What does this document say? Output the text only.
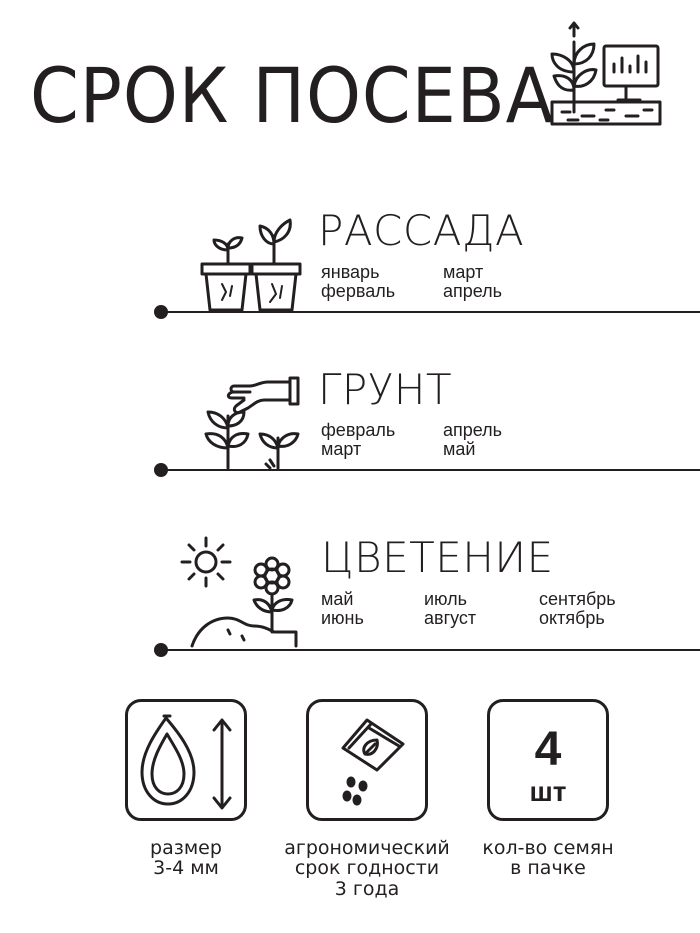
СРОК ПОСЕВА
РАССАДА
январь
ферваль
март
апрель
ГРУНТ
февраль
март
апрель
май
ЦВЕТЕНИЕ
май
июнь
июль
август
сентябрь
октябрь
размер
3-4 мм
агрономический
срок годности
3 года
4
шт
кол-во семян
в пачке
